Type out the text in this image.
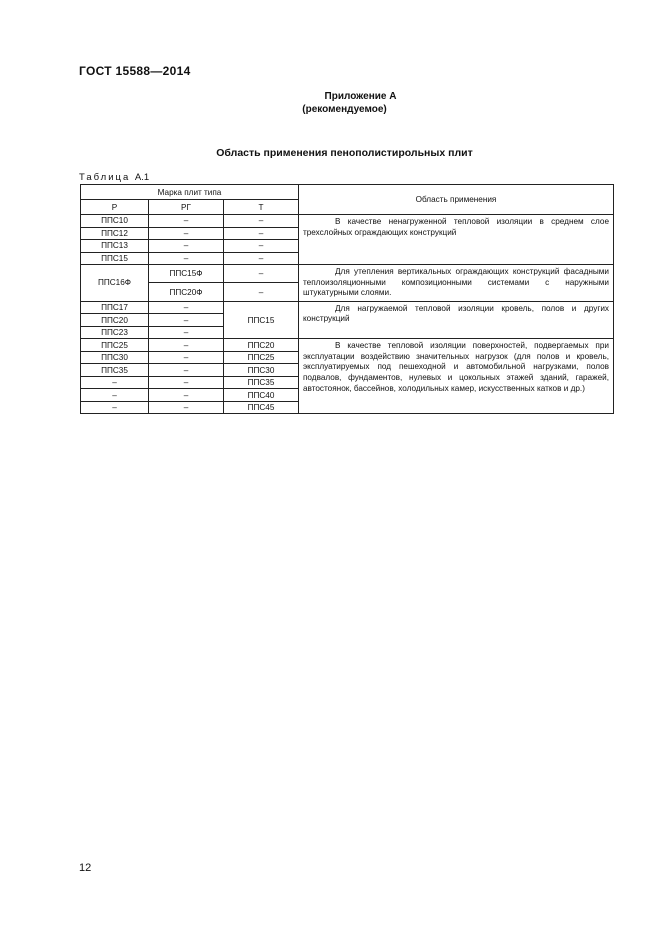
ГОСТ 15588—2014
Приложение А
(рекомендуемое)
Область применения пенополистирольных плит
Таблица А.1
Марка плит типа			Область применения
Р	РГ	Т	
ППС10	–	–	В качестве ненагруженной тепловой изоляции в среднем слое трехслойных ограждающих конструкций
ППС12	–	–	
ППС13	–	–	
ППС15	–	–	
ППС16Ф	ППС15Ф	–	Для утепления вертикальных ограждающих конструкций фасадными теплоизоляционными композиционными системами с наружными штукатурными слоями.
	ППС20Ф	–	
ППС17	–	ППС15	Для нагружаемой тепловой изоляции кровель, полов и других конструкций
ППС20	–		
ППС23	–		
ППС25	–	ППС20	В качестве тепловой изоляции поверхностей, подвергаемых при эксплуатации воздействию значительных нагрузок (для полов и кровель, эксплуатируемых под пешеходной и автомобильной нагрузками, полов подвалов, фундаментов, нулевых и цокольных этажей зданий, гаражей, автостоянок, бассейнов, холодильных камер, искусственных катков и др.)
ППС30	–	ППС25	
ППС35	–	ППС30	
–	–	ППС35	
–	–	ППС40	
–	–	ППС45	
12
